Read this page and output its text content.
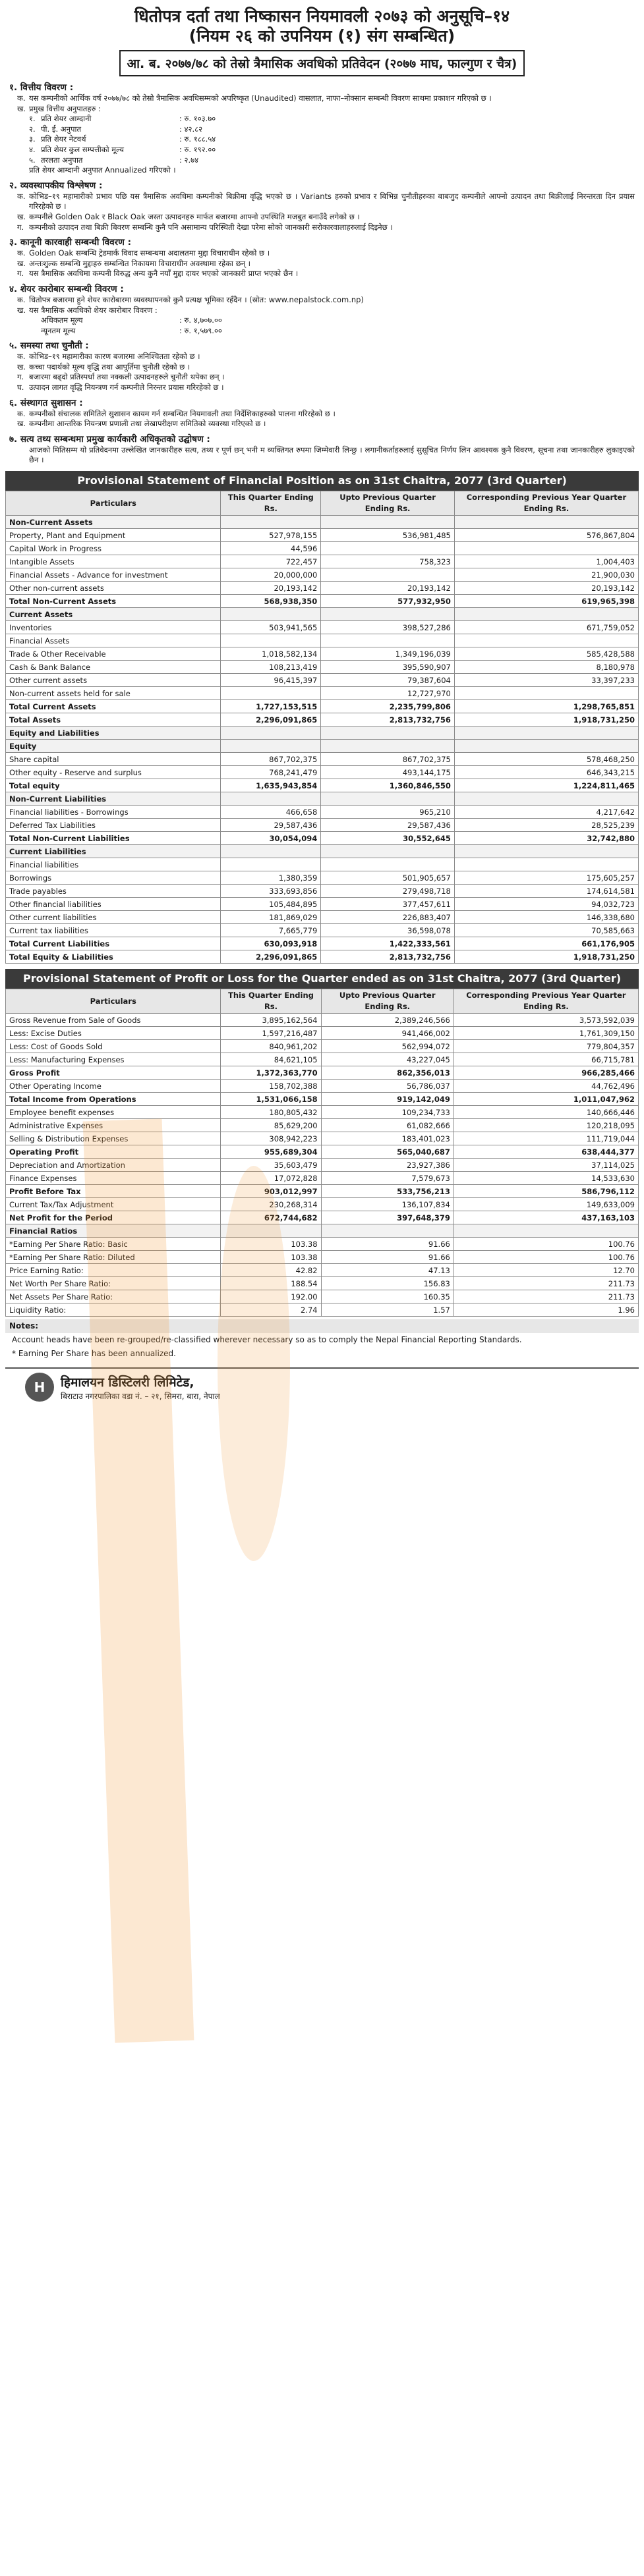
धितोपत्र दर्ता तथा निष्कासन नियमावली २०७३ को अनुसूचि–१४
(नियम २६ को उपनियम (१) संग सम्बन्धित)
आ. ब. २०७७/७८ को तेस्रो त्रैमासिक अवधिको प्रतिवेदन (२०७७ माघ, फाल्गुण र चैत्र)
१. वित्तीय विवरण :
क. यस कम्पनीको आर्थिक वर्ष २०७७/७८ को तेस्रो त्रैमासिक अवधिसम्मको अपरिष्कृत (Unaudited) वासलात, नाफा–नोक्सान सम्बन्धी विवरण साथमा प्रकाशन गरिएको छ ।
ख. प्रमुख वित्तीय अनुपातहरु :
१. प्रति शेयर आम्दानी	: रु. १०३.७०
२. पी. ई. अनुपात	: ४२.८२
३. प्रति शेयर नेटवर्थ	: रु. १८८.५४
४. प्रति शेयर कुल सम्पत्तीको मूल्य	: रु. १९२.००
५. तरलता अनुपात	: २.७४
प्रति शेयर आम्दानी अनुपात Annualized गरिएको ।
२. व्यवस्थापकीय विश्लेषण :
क. कोभिड–१९ महामारीको प्रभाव पछि यस त्रैमासिक अवधिमा कम्पनीको बिक्रीमा वृद्धि भएको छ । Variants हरुको प्रभाव र बिभिन्न चुनौतीहरुका बाबजुद कम्पनीले आफ्नो उत्पादन तथा बिक्रीलाई निरन्तरता दिन प्रयास गरिरहेको छ ।
ख. कम्पनीले Golden Oak र Black Oak जस्ता उत्पादनहरु मार्फत बजारमा आफ्नो उपस्थिति मजबुत बनाउँदै लगेको छ ।
ग. कम्पनीको उत्पादन तथा बिक्री बिवरण सम्बन्धि कुनै पनि असामान्य परिस्थिती देखा परेमा सोको जानकारी सरोकारवालाहरुलाई दिइनेछ ।
३. कानूनी कारवाही सम्बन्धी विवरण :
क. Golden Oak सम्बन्धि ट्रेडमार्क विवाद सम्बन्धमा अदालतमा मुद्दा विचाराधीन रहेको छ ।
ख. अन्तःशुल्क सम्बन्धि मुद्दाहरु सम्बन्धित निकायमा विचाराधीन अवस्थामा रहेका छन् ।
ग. यस त्रैमासिक अवधिमा कम्पनी विरुद्ध अन्य कुनै नयाँ मुद्दा दायर भएको जानकारी प्राप्त भएको छैन ।
४. शेयर कारोबार सम्बन्धी विवरण :
क. धितोपत्र बजारमा हुने शेयर कारोबारमा व्यवस्थापनको कुनै प्रत्यक्ष भूमिका रहँदैन । (स्रोत: www.nepalstock.com.np)
ख. यस त्रैमासिक अवधिको शेयर कारोबार विवरण :
अधिकतम मूल्य	: रु. ४,७०७.००
न्यूनतम मूल्य	: रु. १,५७९.००
५. समस्या तथा चुनौती :
क. कोभिड–१९ महामारीका कारण बजारमा अनिश्चितता रहेको छ ।
ख. कच्चा पदार्थको मूल्य वृद्धि तथा आपूर्तिमा चुनौती रहेको छ ।
ग. बजारमा बढ्दो प्रतिस्पर्धा तथा नक्कली उत्पादनहरुले चुनौती थपेका छन् ।
घ. उत्पादन लागत वृद्धि नियन्त्रण गर्न कम्पनीले निरन्तर प्रयास गरिरहेको छ ।
६. संस्थागत सुशासन :
क. कम्पनीको संचालक समितिले सुशासन कायम गर्न सम्बन्धित नियमावली तथा निर्देशिकाहरुको पालना गरिरहेको छ ।
ख. कम्पनीमा आन्तरिक नियन्त्रण प्रणाली तथा लेखापरीक्षण समितिको व्यवस्था गरिएको छ ।
७. सत्य तथ्य सम्बन्धमा प्रमुख कार्यकारी अधिकृतको उद्घोषण :
आजको मितिसम्म यो प्रतिवेदनमा उल्लेखित जानकारीहरु सत्य, तथ्य र पूर्ण छन् भनी म व्यक्तिगत रुपमा जिम्मेवारी लिन्छु । लगानीकर्ताहरुलाई सुसूचित निर्णय लिन आवश्यक कुनै विवरण, सूचना तथा जानकारीहरु लुकाइएको छैन ।
Provisional Statement of Financial Position as on 31st Chaitra, 2077 (3rd Quarter)
Particulars	This Quarter Ending Rs.	Upto Previous Quarter Ending Rs.	Corresponding Previous Year Quarter Ending Rs.
Non-Current Assets			
Property, Plant and Equipment	527,978,155	536,981,485	576,867,804
Capital Work in Progress	44,596		
Intangible Assets	722,457	758,323	1,004,403
Financial Assets - Advance for investment	20,000,000		21,900,030
Other non-current assets	20,193,142	20,193,142	20,193,142
Total Non-Current Assets	568,938,350	577,932,950	619,965,398
Current Assets			
Inventories	503,941,565	398,527,286	671,759,052
Financial Assets			
Trade & Other Receivable	1,018,582,134	1,349,196,039	585,428,588
Cash & Bank Balance	108,213,419	395,590,907	8,180,978
Other current assets	96,415,397	79,387,604	33,397,233
Non-current assets held for sale		12,727,970	
Total Current Assets	1,727,153,515	2,235,799,806	1,298,765,851
Total Assets	2,296,091,865	2,813,732,756	1,918,731,250
Equity and Liabilities			
Equity			
Share capital	867,702,375	867,702,375	578,468,250
Other equity - Reserve and surplus	768,241,479	493,144,175	646,343,215
Total equity	1,635,943,854	1,360,846,550	1,224,811,465
Non-Current Liabilities			
Financial liabilities - Borrowings	466,658	965,210	4,217,642
Deferred Tax Liabilities	29,587,436	29,587,436	28,525,239
Total Non-Current Liabilities	30,054,094	30,552,645	32,742,880
Current Liabilities			
Financial liabilities			
Borrowings	1,380,359	501,905,657	175,605,257
Trade payables	333,693,856	279,498,718	174,614,581
Other financial liabilities	105,484,895	377,457,611	94,032,723
Other current liabilities	181,869,029	226,883,407	146,338,680
Current tax liabilities	7,665,779	36,598,078	70,585,663
Total Current Liabilities	630,093,918	1,422,333,561	661,176,905
Total Equity & Liabilities	2,296,091,865	2,813,732,756	1,918,731,250
Provisional Statement of Profit or Loss for the Quarter ended as on 31st Chaitra, 2077 (3rd Quarter)
Particulars	This Quarter Ending Rs.	Upto Previous Quarter Ending Rs.	Corresponding Previous Year Quarter Ending Rs.
Gross Revenue from Sale of Goods	3,895,162,564	2,389,246,566	3,573,592,039
Less: Excise Duties	1,597,216,487	941,466,002	1,761,309,150
Less: Cost of Goods Sold	840,961,202	562,994,072	779,804,357
Less: Manufacturing Expenses	84,621,105	43,227,045	66,715,781
Gross Profit	1,372,363,770	862,356,013	966,285,466
Other Operating Income	158,702,388	56,786,037	44,762,496
Total Income from Operations	1,531,066,158	919,142,049	1,011,047,962
Employee benefit expenses	180,805,432	109,234,733	140,666,446
Administrative Expenses	85,629,200	61,082,666	120,218,095
Selling & Distribution Expenses	308,942,223	183,401,023	111,719,044
Operating Profit	955,689,304	565,040,687	638,444,377
Depreciation and Amortization	35,603,479	23,927,386	37,114,025
Finance Expenses	17,072,828	7,579,673	14,533,630
Profit Before Tax	903,012,997	533,756,213	586,796,112
Current Tax/Tax Adjustment	230,268,314	136,107,834	149,633,009
Net Profit for the Period	672,744,682	397,648,379	437,163,103
Financial Ratios			
*Earning Per Share Ratio: Basic	103.38	91.66	100.76
*Earning Per Share Ratio: Diluted	103.38	91.66	100.76
Price Earning Ratio:	42.82	47.13	12.70
Net Worth Per Share Ratio:	188.54	156.83	211.73
Net Assets Per Share Ratio:	192.00	160.35	211.73
Liquidity Ratio:	2.74	1.57	1.96
Notes:
Account heads have been re-grouped/re-classified wherever necessary so as to comply the Nepal Financial Reporting Standards.
* Earning Per Share has been annualized.
H	हिमालयन डिस्टिलरी लिमिटेड,
बिराटाउ नगरपालिका वडा नं. – २१, सिमरा, बारा, नेपाल
